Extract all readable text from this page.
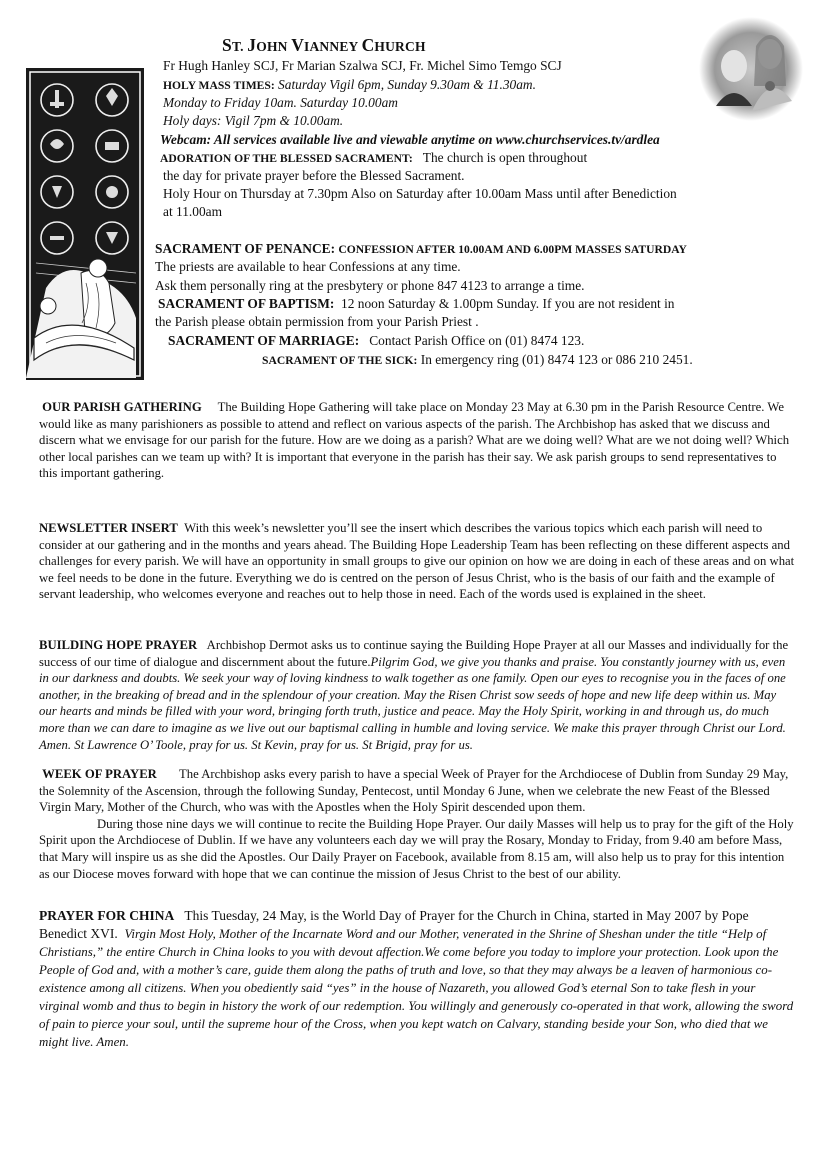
ST. JOHN VIANNEY CHURCH
Fr Hugh Hanley SCJ, Fr Marian Szalwa SCJ, Fr. Michel Simo Temgo SCJ
HOLY MASS TIMES: Saturday Vigil 6pm, Sunday 9.30am & 11.30am.
Monday to Friday 10am. Saturday 10.00am
Holy days: Vigil 7pm & 10.00am.
Webcam: All services available live and viewable anytime on www.churchservices.tv/ardlea
ADORATION OF THE BLESSED SACRAMENT: The church is open throughout
the day for private prayer before the Blessed Sacrament.
Holy Hour on Thursday at 7.30pm Also on Saturday after 10.00am Mass until after Benediction
at 11.00am
SACRAMENT OF PENANCE: CONFESSION AFTER 10.00AM AND 6.00PM MASSES SATURDAY
The priests are available to hear Confessions at any time.
Ask them personally ring at the presbytery or phone 847 4123 to arrange a time.
SACRAMENT OF BAPTISM: 12 noon Saturday & 1.00pm Sunday. If you are not resident in
the Parish please obtain permission from your Parish Priest .
SACRAMENT OF MARRIAGE: Contact Parish Office on (01) 8474 123.
SACRAMENT OF THE SICK: In emergency ring (01) 8474 123 or 086 210 2451.

OUR PARISH GATHERING The Building Hope Gathering will take place on Monday 23 May at 6.30 pm in the Parish Resource Centre. We would like as many parishioners as possible to attend and reflect on various aspects of the parish. The Archbishop has asked that we discuss and discern what we envisage for our parish for the future. How are we doing as a parish? What are we doing well? What are we not doing well? Which other local parishes can we team up with? It is important that everyone in the parish has their say. We ask parish groups to send representatives to this important gathering.

NEWSLETTER INSERT With this week’s newsletter you’ll see the insert which describes the various topics which each parish will need to consider at our gathering and in the months and years ahead. The Building Hope Leadership Team has been reflecting on these different aspects and challenges for every parish. We will have an opportunity in small groups to give our opinion on how we are doing in each of these areas and on what we feel needs to be done in the future. Everything we do is centred on the person of Jesus Christ, who is the basis of our faith and the example of servant leadership, who welcomes everyone and reaches out to help those in need. Each of the words used is explained in the sheet.

BUILDING HOPE PRAYER Archbishop Dermot asks us to continue saying the Building Hope Prayer at all our Masses and individually for the success of our time of dialogue and discernment about the future.Pilgrim God, we give you thanks and praise. You constantly journey with us, even in our darkness and doubts. We seek your way of loving kindness to walk together as one family. Open our eyes to recognise you in the faces of one another, in the breaking of bread and in the splendour of your creation. May the Risen Christ sow seeds of hope and new life deep within us. May our hearts and minds be filled with your word, bringing forth truth, justice and peace. May the Holy Spirit, working in and through us, do much more than we can dare to imagine as we live out our baptismal calling in humble and loving service. We make this prayer through Christ our Lord. Amen. St Lawrence O’ Toole, pray for us. St Kevin, pray for us. St Brigid, pray for us.

WEEK OF PRAYER The Archbishop asks every parish to have a special Week of Prayer for the Archdiocese of Dublin from Sunday 29 May, the Solemnity of the Ascension, through the following Sunday, Pentecost, until Monday 6 June, when we celebrate the new Feast of the Blessed Virgin Mary, Mother of the Church, who was with the Apostles when the Holy Spirit descended upon them.

During those nine days we will continue to recite the Building Hope Prayer. Our daily Masses will help us to pray for the gift of the Holy Spirit upon the Archdiocese of Dublin. If we have any volunteers each day we will pray the Rosary, Monday to Friday, from 9.40 am before Mass, that Mary will inspire us as she did the Apostles. Our Daily Prayer on Facebook, available from 8.15 am, will also help us to pray for this intention as our Diocese moves forward with hope that we can continue the mission of Jesus Christ to the best of our ability.

PRAYER FOR CHINA This Tuesday, 24 May, is the World Day of Prayer for the Church in China, started in May 2007 by Pope Benedict XVI. Virgin Most Holy, Mother of the Incarnate Word and our Mother, venerated in the Shrine of Sheshan under the title “Help of Christians,” the entire Church in China looks to you with devout affection.We come before you today to implore your protection. Look upon the People of God and, with a mother’s care, guide them along the paths of truth and love, so that they may always be a leaven of harmonious co-existence among all citizens. When you obediently said “yes” in the house of Nazareth, you allowed God’s eternal Son to take flesh in your virginal womb and thus to begin in history the work of our redemption. You willingly and generously co-operated in that work, allowing the sword of pain to pierce your soul, until the supreme hour of the Cross, when you kept watch on Calvary, standing beside your Son, who died that we might live. Amen.
